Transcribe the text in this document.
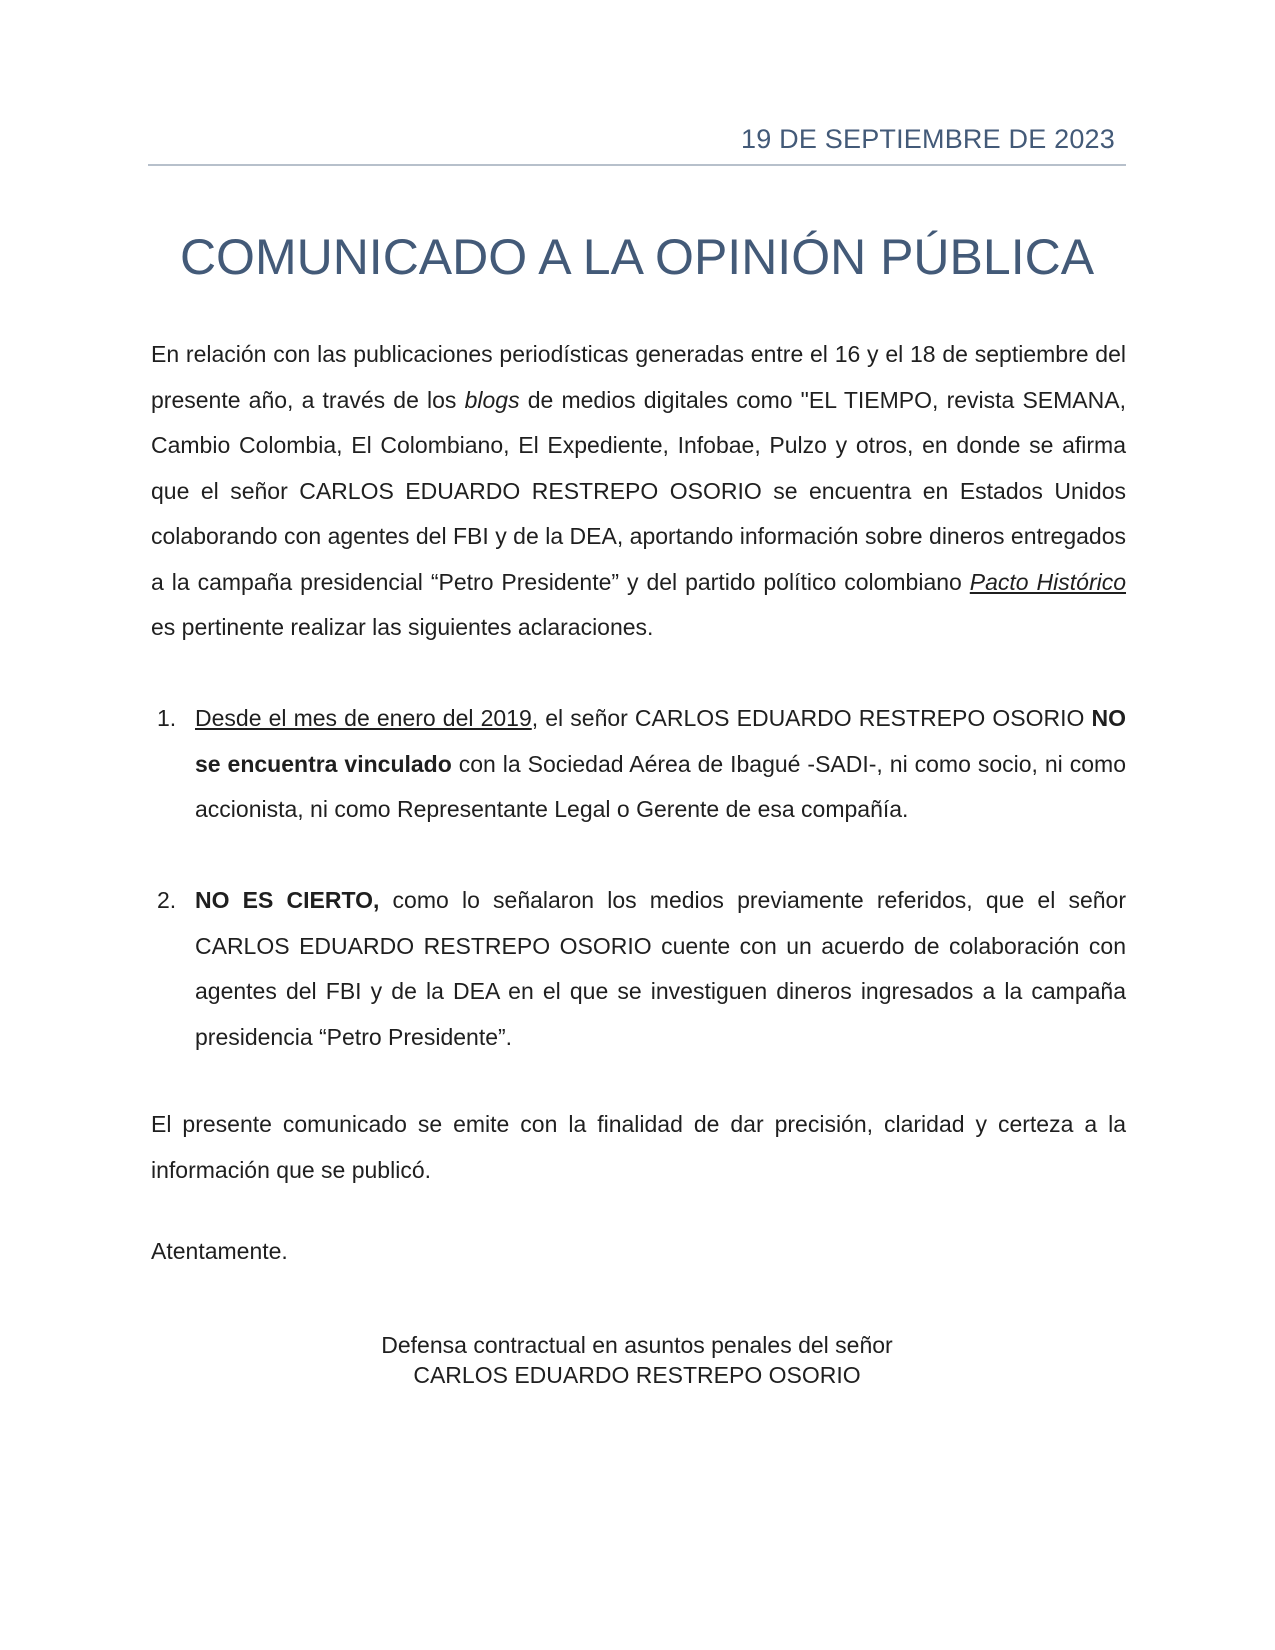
19 DE SEPTIEMBRE DE 2023
COMUNICADO A LA OPINIÓN PÚBLICA

En relación con las publicaciones periodísticas generadas entre el 16 y el 18 de septiembre del presente año, a través de los blogs de medios digitales como "EL TIEMPO, revista SEMANA, Cambio Colombia, El Colombiano, El Expediente, Infobae, Pulzo y otros, en donde se afirma que el señor CARLOS EDUARDO RESTREPO OSORIO se encuentra en Estados Unidos colaborando con agentes del FBI y de la DEA, aportando información sobre dineros entregados a la campaña presidencial “Petro Presidente” y del partido político colombiano Pacto Histórico es pertinente realizar las siguientes aclaraciones.

1. Desde el mes de enero del 2019, el señor CARLOS EDUARDO RESTREPO OSORIO NO se encuentra vinculado con la Sociedad Aérea de Ibagué -SADI-, ni como socio, ni como accionista, ni como Representante Legal o Gerente de esa compañía.
2. NO ES CIERTO, como lo señalaron los medios previamente referidos, que el señor CARLOS EDUARDO RESTREPO OSORIO cuente con un acuerdo de colaboración con agentes del FBI y de la DEA en el que se investiguen dineros ingresados a la campaña presidencia “Petro Presidente”.

El presente comunicado se emite con la finalidad de dar precisión, claridad y certeza a la información que se publicó.

Atentamente.
Defensa contractual en asuntos penales del señor
CARLOS EDUARDO RESTREPO OSORIO
